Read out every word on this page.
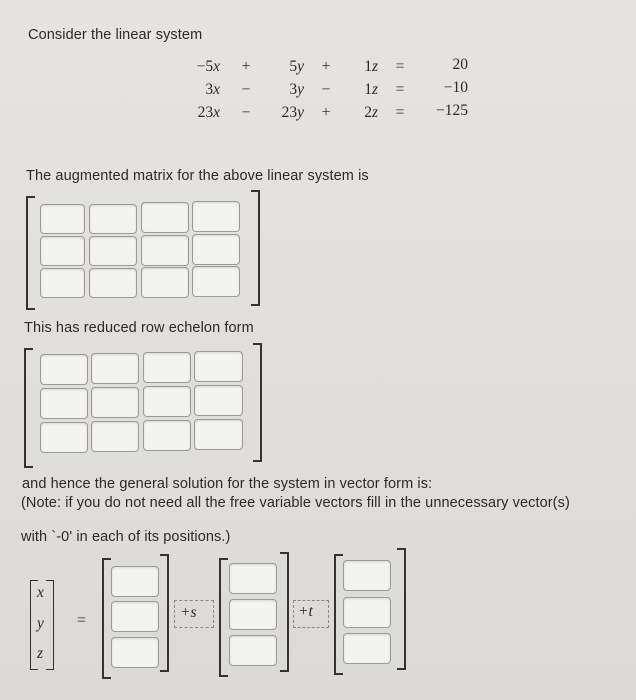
Consider the linear system
−5x	+	5y	+	1z	=	20
3x	−	3y	−	1z	=	−10
23x	−	23y	+	2z	=	−125
The augmented matrix for the above linear system is
This has reduced row echelon form
and hence the general solution for the system in vector form is:
(Note: if you do not need all the free variable vectors fill in the unnecessary vector(s)
with `-0' in each of its positions.)
x
y
z
=	+s	+t
